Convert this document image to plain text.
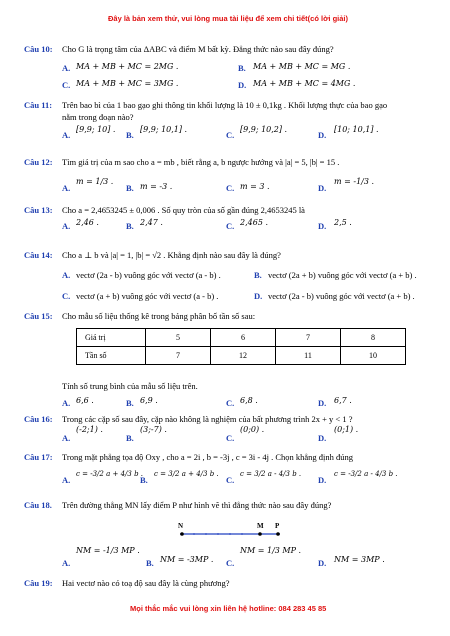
Đây là bản xem thử, vui lòng mua tài liệu để xem chi tiết(có lời giải)
Mọi thắc mắc vui lòng xin liên hệ hotline: 084 283 45 85
Câu 10: Cho G là trọng tâm của ΔABC và điểm M bất kỳ. Đẳng thức nào sau đây đúng?
A. MA + MB + MC = 2MG .	B. MA + MB + MC = MG .
C. MA + MB + MC = 3MG .	D. MA + MB + MC = 4MG .
Câu 11: Trên bao bì của 1 bao gạo ghi thông tin khối lượng là 10 ± 0,1kg . Khối lượng thực của bao gạo
nằm trong đoạn nào?
A.
[9,9; 10] .
B.
[9,9; 10,1] .
C.
[9,9; 10,2] .
D.
[10; 10,1] .
Câu 12: Tìm giá trị của m sao cho a = mb , biết rằng a, b ngược hướng và |a| = 5, |b| = 15 .
A.
m = 1/3 .
B. m = -3 .	C. m = 3 .	D.
m = -1/3 .
Câu 13: Cho a = 2,4653245 ± 0,006 . Số quy tròn của số gần đúng 2,4653245 là
A. 2,46 .	B. 2,47 .	C. 2,465 .	D. 2,5 .
Câu 14: Cho a ⊥ b và |a| = 1, |b| = √2 . Khẳng định nào sau đây là đúng?
A. vectơ (2a - b) vuông góc với vectơ (a - b) .	B. vectơ (2a + b) vuông góc với vectơ (a + b) .
C. vectơ (a + b) vuông góc với vectơ (a - b) .	D. vectơ (2a - b) vuông góc với vectơ (a + b) .
Câu 15: Cho mẫu số liệu thống kê trong bảng phân bố tần số sau:
Giá trị	5	6	7	8
Tần số	7	12	11	10
Tính số trung bình của mẫu số liệu trên.
A. 6,6 .	B. 6,9 .	C. 6,8 .	D. 6,7 .
Câu 16: Trong các cặp số sau đây, cặp nào không là nghiệm của bất phương trình 2x + y < 1 ?
A.
(-2;1) .
B.
(3;-7) .
C.
(0;0) .
D.
(0;1) .
Câu 17: Trong mặt phẳng tọa độ Oxy , cho a = 2i , b = -3j , c = 3i - 4j . Chọn khẳng định đúng
A.
c = -3/2 a + 4/3 b .
B.
c = 3/2 a + 4/3 b .
C.
c = 3/2 a - 4/3 b .
D.
c = -3/2 a - 4/3 b .
Câu 18. Trên đường thẳng MN lấy điểm P như hình vẽ thì đẳng thức nào sau đây đúng?
N	M P
A.
NM = -1/3 MP .
B. NM = -3MP . C.
NM = 1/3 MP .
D. NM = 3MP .
Câu 19: Hai vectơ nào có toạ độ sau đây là cùng phương?
